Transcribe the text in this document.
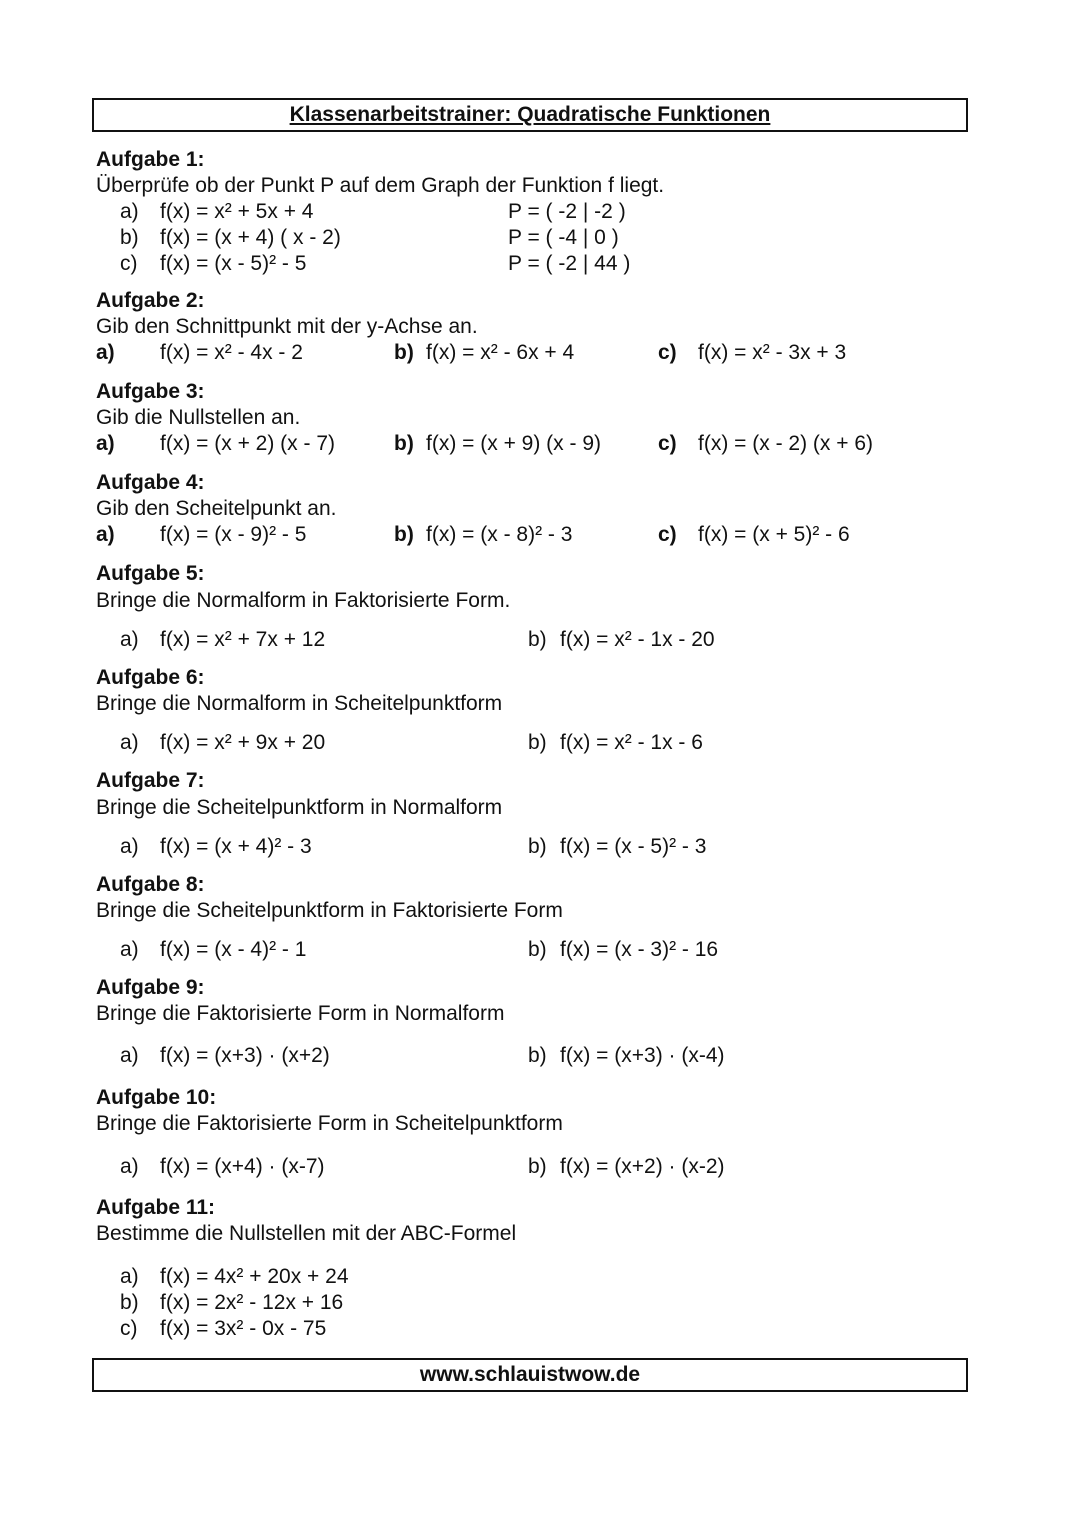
Klassenarbeitstrainer: Quadratische Funktionen
Aufgabe 1:
Überprüfe ob der Punkt P auf dem Graph der Funktion f liegt.
a) f(x) = x² + 5x + 4	P = ( -2 | -2 )
b) f(x) = (x + 4) ( x - 2)	P = ( -4 | 0 )
c) f(x) = (x - 5)² - 5	P = ( -2 | 44 )
Aufgabe 2:
Gib den Schnittpunkt mit der y-Achse an.
a) f(x) = x² - 4x - 2	b) f(x) = x² - 6x + 4	c) f(x) = x² - 3x + 3
Aufgabe 3:
Gib die Nullstellen an.
a) f(x) = (x + 2) (x - 7)	b) f(x) = (x + 9) (x - 9)	c) f(x) = (x - 2) (x + 6)
Aufgabe 4:
Gib den Scheitelpunkt an.
a) f(x) = (x - 9)² - 5	b) f(x) = (x - 8)² - 3	c) f(x) = (x + 5)² - 6
Aufgabe 5:
Bringe die Normalform in Faktorisierte Form.
a) f(x) = x² + 7x + 12	b) f(x) = x² - 1x - 20
Aufgabe 6:
Bringe die Normalform in Scheitelpunktform
a) f(x) = x² + 9x + 20	b) f(x) = x² - 1x - 6
Aufgabe 7:
Bringe die Scheitelpunktform in Normalform
a) f(x) = (x + 4)² - 3	b) f(x) = (x - 5)² - 3
Aufgabe 8:
Bringe die Scheitelpunktform in Faktorisierte Form
a) f(x) = (x - 4)² - 1	b) f(x) = (x - 3)² - 16
Aufgabe 9:
Bringe die Faktorisierte Form in Normalform
a) f(x) = (x+3) · (x+2)	b) f(x) = (x+3) · (x-4)
Aufgabe 10:
Bringe die Faktorisierte Form in Scheitelpunktform
a) f(x) = (x+4) · (x-7)	b) f(x) = (x+2) · (x-2)
Aufgabe 11:
Bestimme die Nullstellen mit der ABC-Formel
a) f(x) = 4x² + 20x + 24
b) f(x) = 2x² - 12x + 16
c) f(x) = 3x² - 0x - 75
www.schlauistwow.de
